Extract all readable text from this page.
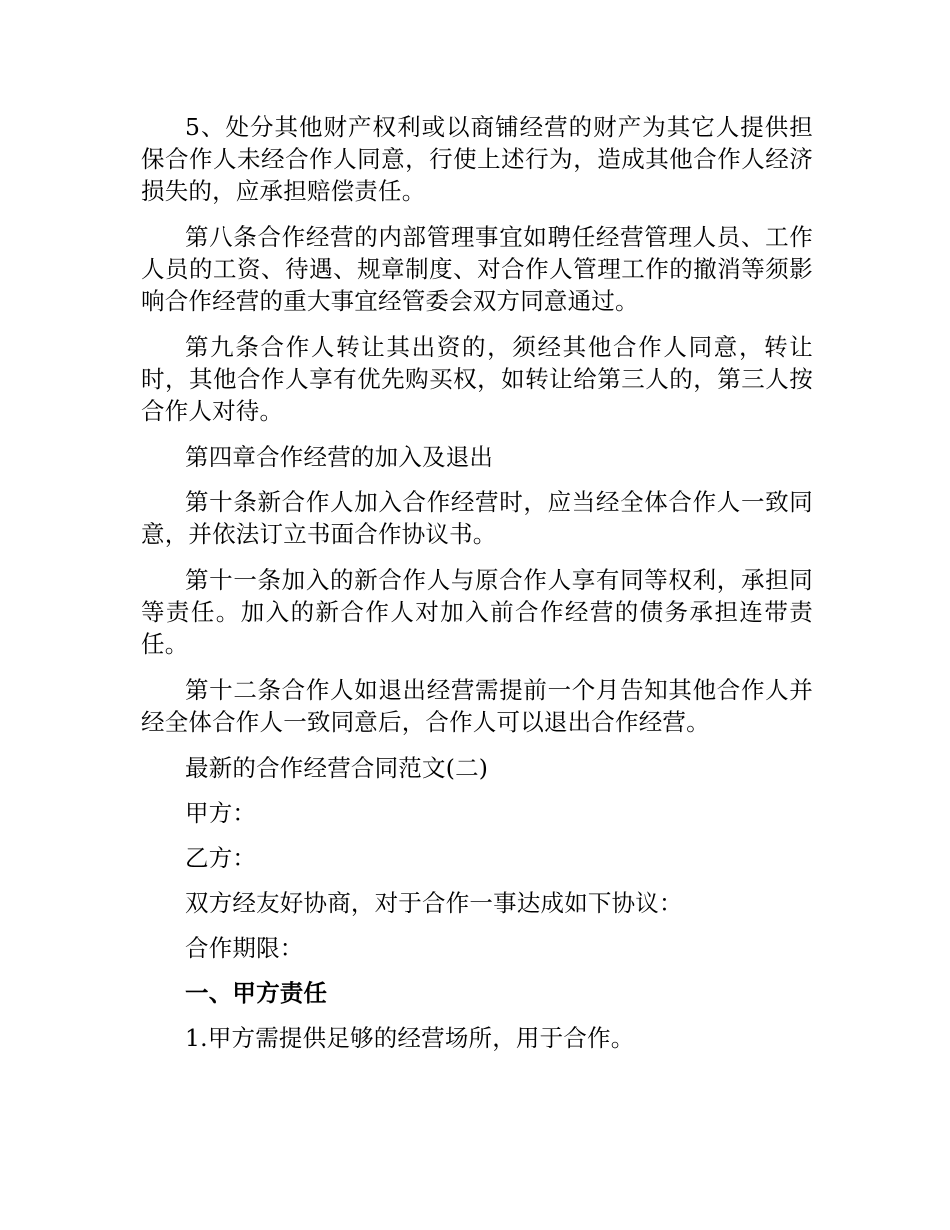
5、处分其他财产权利或以商铺经营的财产为其它人提供担保合作人未经合作人同意，行使上述行为，造成其他合作人经济损失的，应承担赔偿责任。

第八条合作经营的内部管理事宜如聘任经营管理人员、工作人员的工资、待遇、规章制度、对合作人管理工作的撤消等须影响合作经营的重大事宜经管委会双方同意通过。

第九条合作人转让其出资的，须经其他合作人同意，转让时，其他合作人享有优先购买权，如转让给第三人的，第三人按合作人对待。

第四章合作经营的加入及退出

第十条新合作人加入合作经营时，应当经全体合作人一致同意，并依法订立书面合作协议书。

第十一条加入的新合作人与原合作人享有同等权利，承担同等责任。加入的新合作人对加入前合作经营的债务承担连带责任。

第十二条合作人如退出经营需提前一个月告知其他合作人并经全体合作人一致同意后，合作人可以退出合作经营。

最新的合作经营合同范文(二)

甲方：

乙方：

双方经友好协商，对于合作一事达成如下协议：

合作期限：

一、甲方责任

1.甲方需提供足够的经营场所，用于合作。
